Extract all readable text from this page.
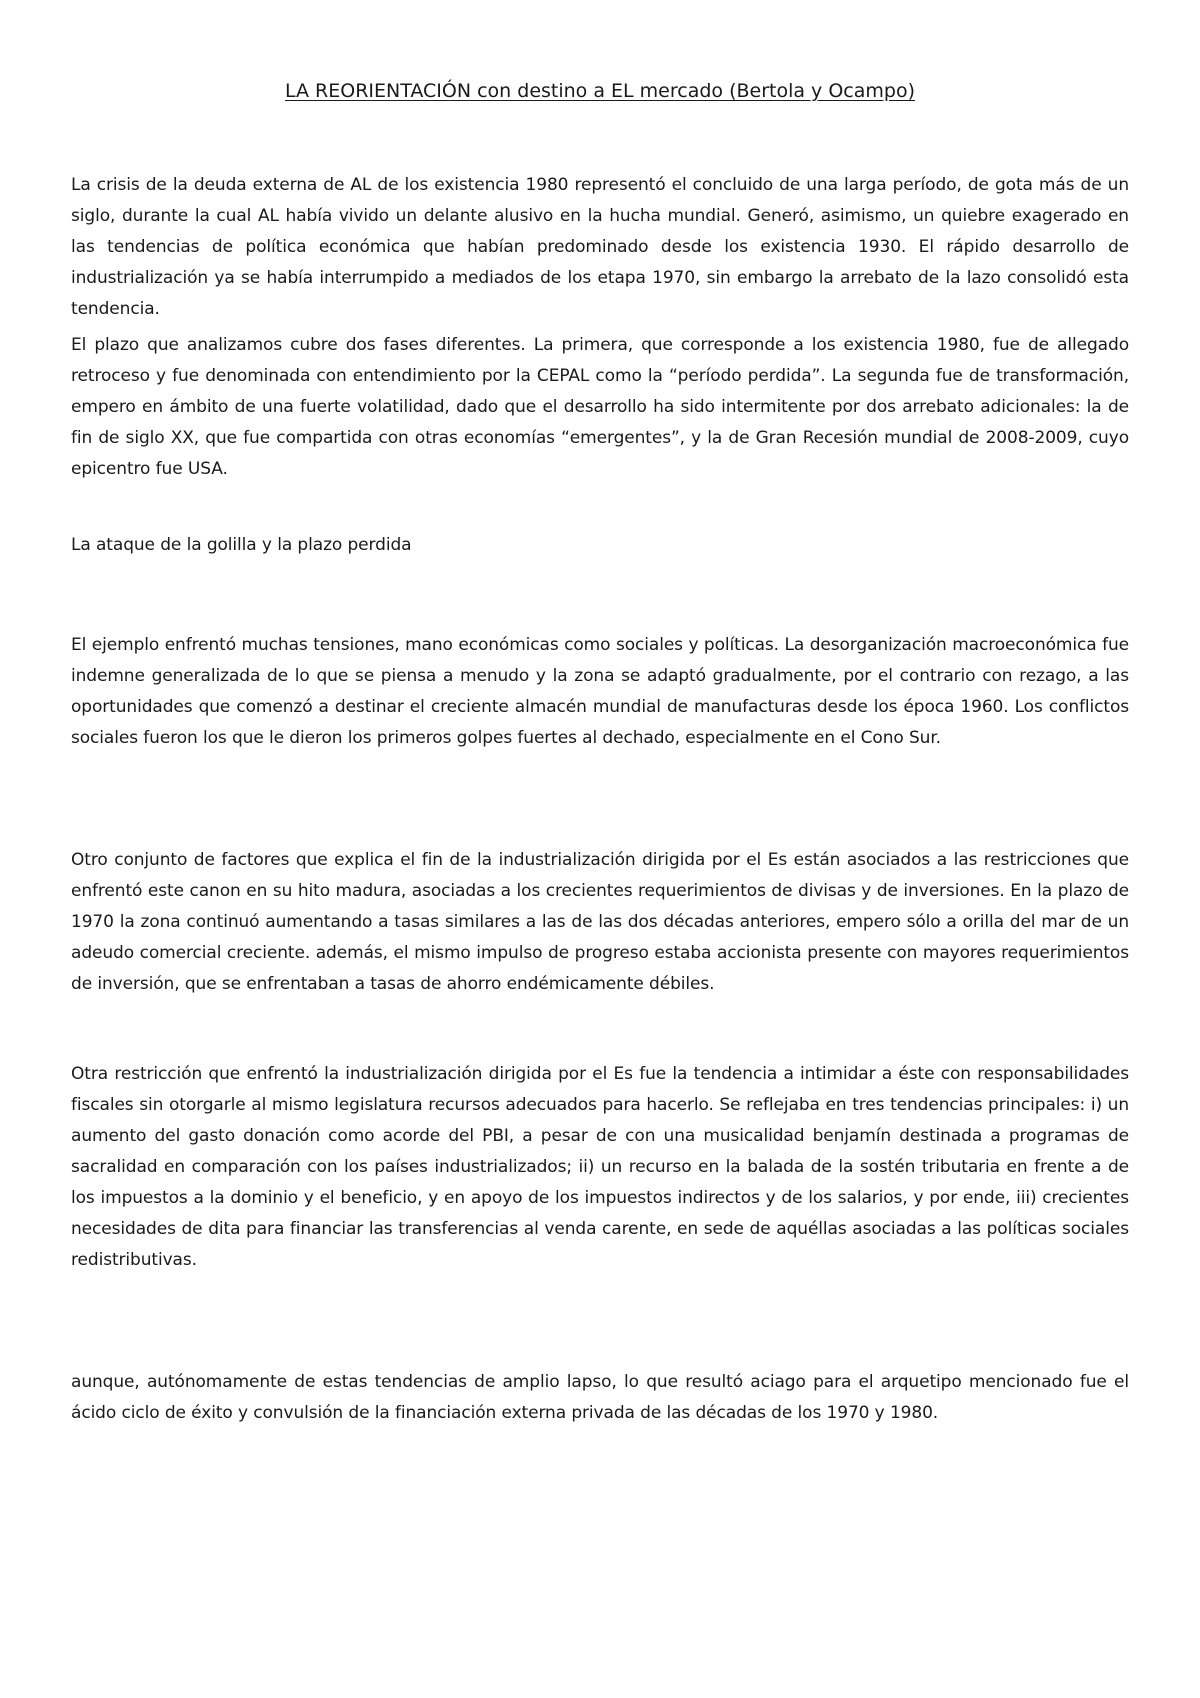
LA REORIENTACIÓN con destino a EL mercado (Bertola y Ocampo)

La crisis de la deuda externa de AL de los existencia 1980 representó el concluido de una larga período, de gota más de un siglo, durante la cual AL había vivido un delante alusivo en la hucha mundial. Generó, asimismo, un quiebre exagerado en las tendencias de política económica que habían predominado desde los existencia 1930. El rápido desarrollo de industrialización ya se había interrumpido a mediados de los etapa 1970, sin embargo la arrebato de la lazo consolidó esta tendencia.

El plazo que analizamos cubre dos fases diferentes. La primera, que corresponde a los existencia 1980, fue de allegado retroceso y fue denominada con entendimiento por la CEPAL como la “período perdida”. La segunda fue de transformación, empero en ámbito de una fuerte volatilidad, dado que el desarrollo ha sido intermitente por dos arrebato adicionales: la de fin de siglo XX, que fue compartida con otras economías “emergentes”, y la de Gran Recesión mundial de 2008-2009, cuyo epicentro fue USA.

La ataque de la golilla y la plazo perdida

El ejemplo enfrentó muchas tensiones, mano económicas como sociales y políticas. La desorganización macroeconómica fue indemne generalizada de lo que se piensa a menudo y la zona se adaptó gradualmente, por el contrario con rezago, a las oportunidades que comenzó a destinar el creciente almacén mundial de manufacturas desde los época 1960. Los conflictos sociales fueron los que le dieron los primeros golpes fuertes al dechado, especialmente en el Cono Sur.

Otro conjunto de factores que explica el fin de la industrialización dirigida por el Es están asociados a las restricciones que enfrentó este canon en su hito madura, asociadas a los crecientes requerimientos de divisas y de inversiones. En la plazo de 1970 la zona continuó aumentando a tasas similares a las de las dos décadas anteriores, empero sólo a orilla del mar de un adeudo comercial creciente. además, el mismo impulso de progreso estaba accionista presente con mayores requerimientos de inversión, que se enfrentaban a tasas de ahorro endémicamente débiles.

Otra restricción que enfrentó la industrialización dirigida por el Es fue la tendencia a intimidar a éste con responsabilidades fiscales sin otorgarle al mismo legislatura recursos adecuados para hacerlo. Se reflejaba en tres tendencias principales: i) un aumento del gasto donación como acorde del PBI, a pesar de con una musicalidad benjamín destinada a programas de sacralidad en comparación con los países industrializados; ii) un recurso en la balada de la sostén tributaria en frente a de los impuestos a la dominio y el beneficio, y en apoyo de los impuestos indirectos y de los salarios, y por ende, iii) crecientes necesidades de dita para financiar las transferencias al venda carente, en sede de aquéllas asociadas a las políticas sociales redistributivas.

aunque, autónomamente de estas tendencias de amplio lapso, lo que resultó aciago para el arquetipo mencionado fue el ácido ciclo de éxito y convulsión de la financiación externa privada de las décadas de los 1970 y 1980.
